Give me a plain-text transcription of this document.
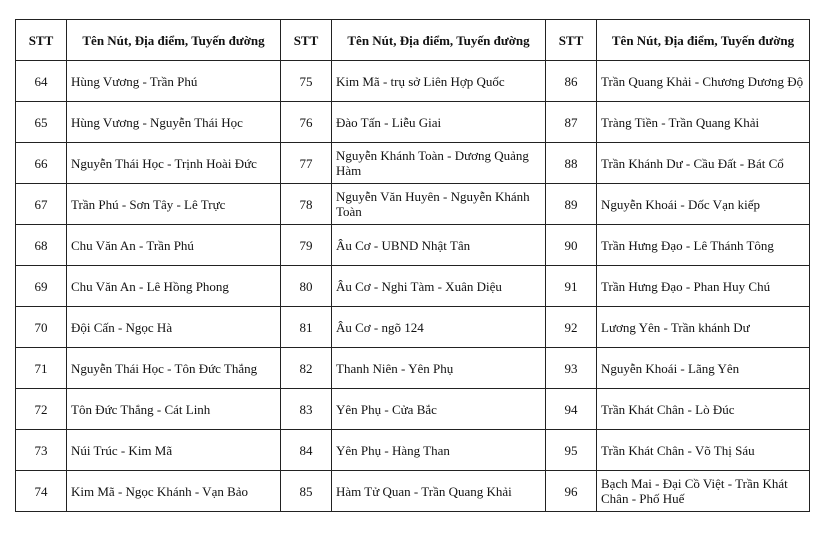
STT	Tên Nút, Địa điểm, Tuyến đường	STT	Tên Nút, Địa điểm, Tuyến đường	STT	Tên Nút, Địa điểm, Tuyến đường
64	Hùng Vương - Trần Phú	75	Kim Mã - trụ sở Liên Hợp Quốc	86	Trần Quang Khải - Chương Dương Độ
65	Hùng Vương - Nguyễn Thái Học	76	Đào Tấn - Liễu Giai	87	Tràng Tiền - Trần Quang Khải
66	Nguyễn Thái Học - Trịnh Hoài Đức	77	Nguyễn Khánh Toàn - Dương Quảng Hàm	88	Trần Khánh Dư - Cầu Đất - Bát Cổ
67	Trần Phú - Sơn Tây - Lê Trực	78	Nguyễn Văn Huyên - Nguyễn Khánh Toàn	89	Nguyễn Khoái - Dốc Vạn kiếp
68	Chu Văn An - Trần Phú	79	Âu Cơ - UBND Nhật Tân	90	Trần Hưng Đạo - Lê Thánh Tông
69	Chu Văn An - Lê Hồng Phong	80	Âu Cơ - Nghi Tàm - Xuân Diệu	91	Trần Hưng Đạo - Phan Huy Chú
70	Đội Cấn - Ngọc Hà	81	Âu Cơ - ngõ 124	92	Lương Yên - Trần khánh Dư
71	Nguyễn Thái Học - Tôn Đức Thắng	82	Thanh Niên - Yên Phụ	93	Nguyễn Khoái - Lãng Yên
72	Tôn Đức Thắng - Cát Linh	83	Yên Phụ - Cửa Bắc	94	Trần Khát Chân - Lò Đúc
73	Núi Trúc - Kim Mã	84	Yên Phụ - Hàng Than	95	Trần Khát Chân - Võ Thị Sáu
74	Kim Mã - Ngọc Khánh - Vạn Bảo	85	Hàm Tử Quan - Trần Quang Khải	96	Bạch Mai - Đại Cồ Việt - Trần Khát Chân - Phố Huế
